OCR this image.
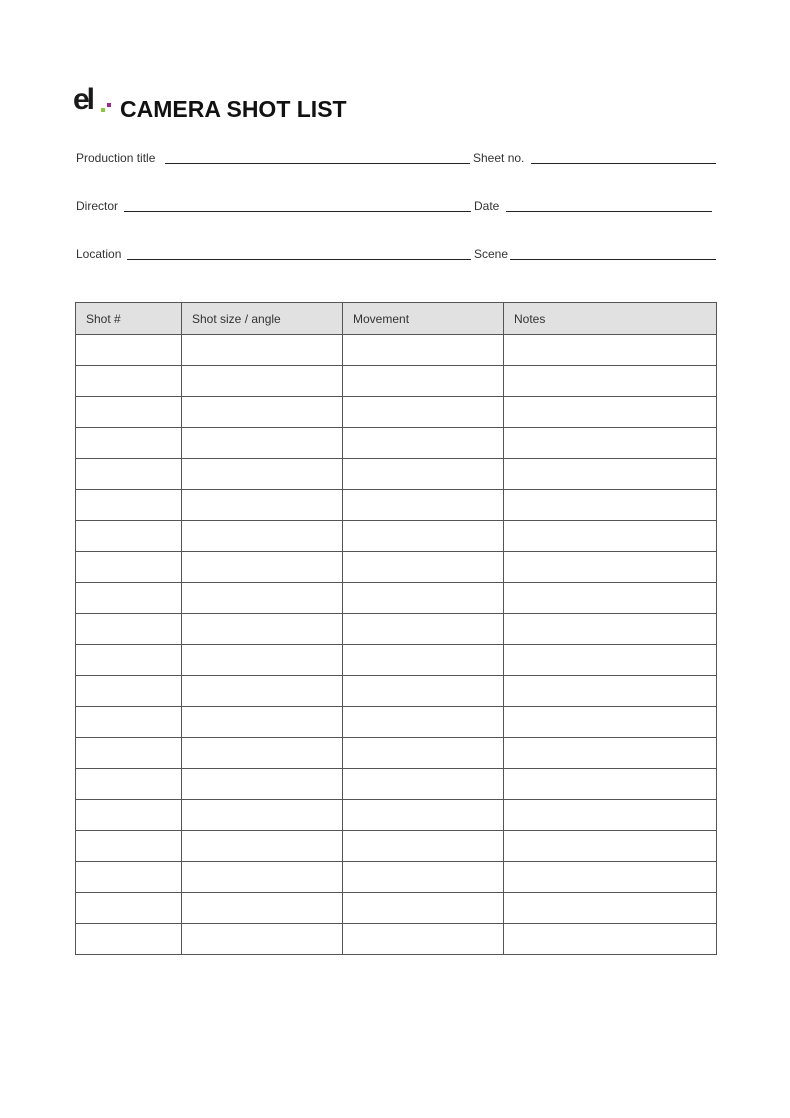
el CAMERA SHOT LIST
Production title	Sheet no.
Director	Date
Location	Scene
Shot #	Shot size / angle	Movement	Notes
